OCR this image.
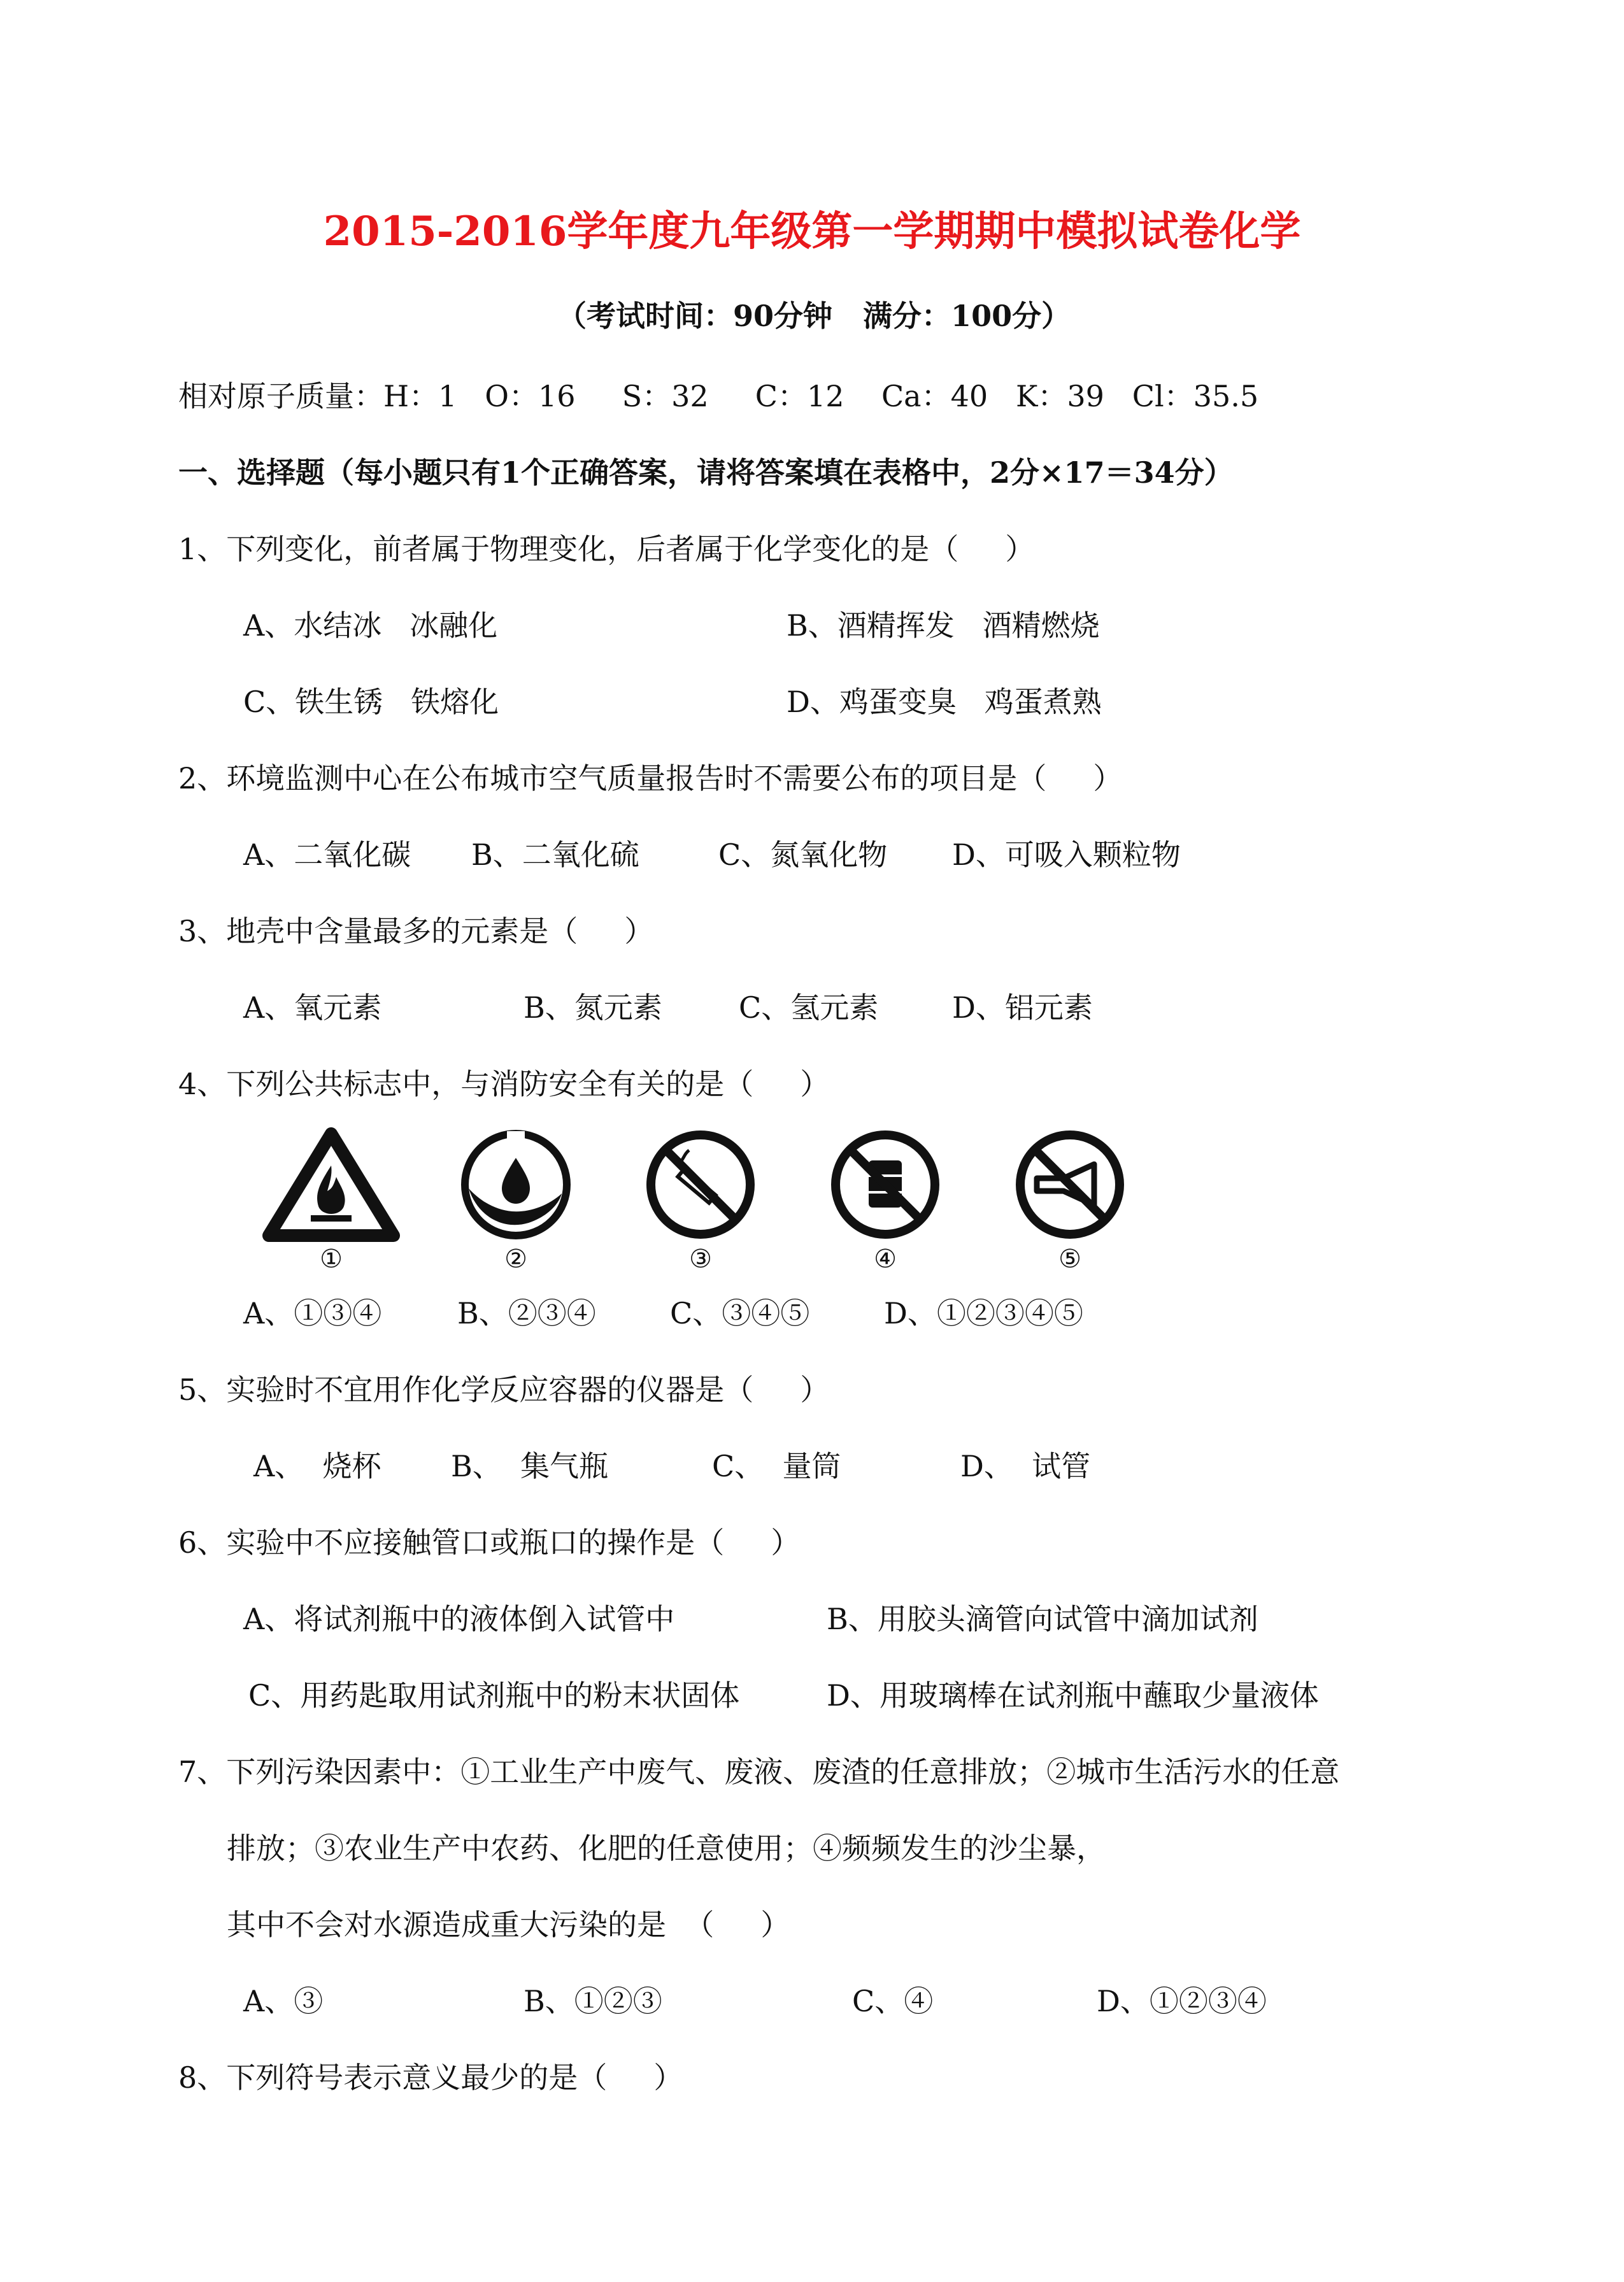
2015-2016学年度九年级第一学期期中模拟试卷化学
（考试时间：90分钟   满分：100分）
相对原子质量：H：1   O：16     S：32     C：12    Ca：40   K：39   Cl：35.5
一、选择题（每小题只有1个正确答案，请将答案填在表格中，2分×17＝34分）
1、下列变化，前者属于物理变化，后者属于化学变化的是（     ）
A、水结冰   冰融化	B、酒精挥发   酒精燃烧
C、铁生锈   铁熔化	D、鸡蛋变臭   鸡蛋煮熟
2、环境监测中心在公布城市空气质量报告时不需要公布的项目是（     ）
A、二氧化碳 B、二氧化硫	C、氮氧化物 D、可吸入颗粒物
3、地壳中含量最多的元素是（     ）
A、氧元素	B、氮元素	C、氢元素	D、铝元素
4、下列公共标志中，与消防安全有关的是（     ）
①	②	③	④	⑤
A、①③④	B、②③④	C、③④⑤	D、①②③④⑤
5、实验时不宜用作化学反应容器的仪器是（     ）
A、  烧杯 B、  集气瓶	C、  量筒	D、  试管
6、实验中不应接触管口或瓶口的操作是（     ）
A、将试剂瓶中的液体倒入试管中	B、用胶头滴管向试管中滴加试剂
C、用药匙取用试剂瓶中的粉末状固体	D、用玻璃棒在试剂瓶中蘸取少量液体
7、下列污染因素中：①工业生产中废气、废液、废渣的任意排放；②城市生活污水的任意
排放；③农业生产中农药、化肥的任意使用；④频频发生的沙尘暴，
其中不会对水源造成重大污染的是  （     ）
A、③	B、①②③	C、④	D、①②③④
8、下列符号表示意义最少的是（     ）
